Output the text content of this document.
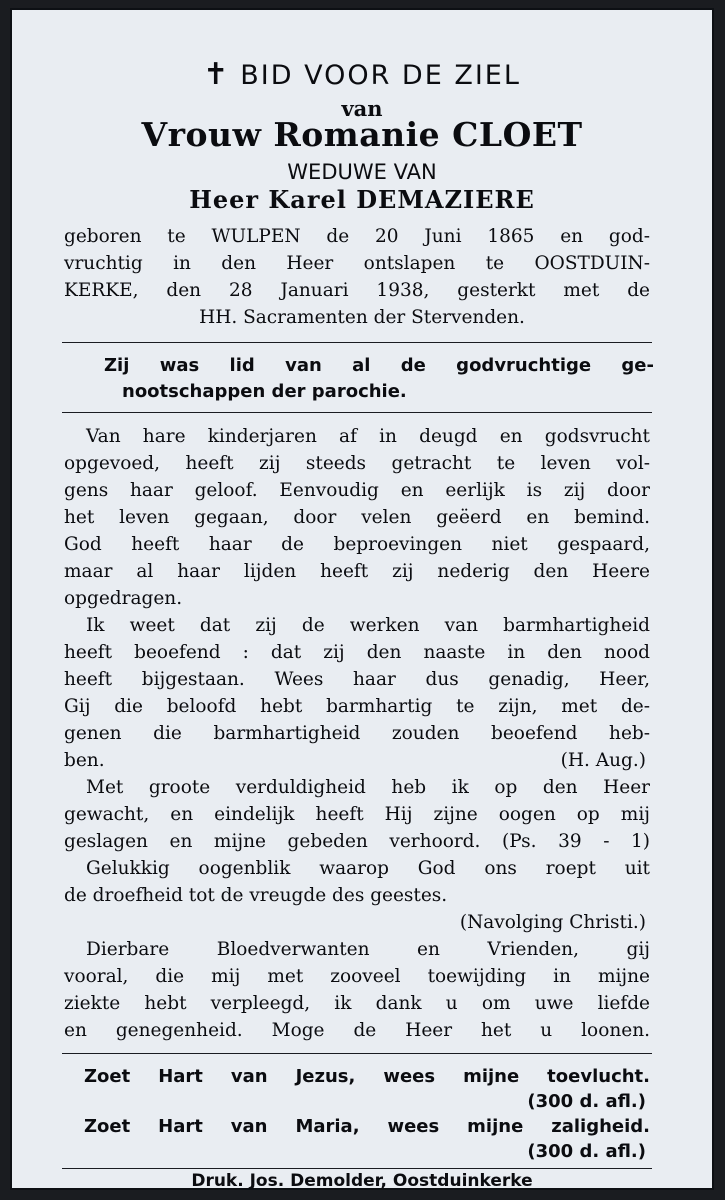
✝ BID VOOR DE ZIEL
van
Vrouw Romanie CLOET
WEDUWE VAN
Heer Karel DEMAZIERE
geboren te WULPEN de 20 Juni 1865 en god-
vruchtig in den Heer ontslapen te OOSTDUIN-
KERKE, den 28 Januari 1938, gesterkt met de
HH. Sacramenten der Stervenden.
Zij was lid van al de godvruchtige ge-
nootschappen der parochie.
Van hare kinderjaren af in deugd en godsvrucht
opgevoed, heeft zij steeds getracht te leven vol-
gens haar geloof. Eenvoudig en eerlijk is zij door
het leven gegaan, door velen geëerd en bemind.
God heeft haar de beproevingen niet gespaard,
maar al haar lijden heeft zij nederig den Heere
opgedragen.
Ik weet dat zij de werken van barmhartigheid
heeft beoefend : dat zij den naaste in den nood
heeft bijgestaan. Wees haar dus genadig, Heer,
Gij die beloofd hebt barmhartig te zijn, met de-
genen die barmhartigheid zouden beoefend heb-
ben.	(H. Aug.)
Met groote verduldigheid heb ik op den Heer
gewacht, en eindelijk heeft Hij zijne oogen op mij
geslagen en mijne gebeden verhoord. (Ps. 39 - 1)
Gelukkig oogenblik waarop God ons roept uit
de droefheid tot de vreugde des geestes.
(Navolging Christi.)
Dierbare Bloedverwanten en Vrienden, gij
vooral, die mij met zooveel toewijding in mijne
ziekte hebt verpleegd, ik dank u om uwe liefde
en genegenheid. Moge de Heer het u loonen.
Zoet Hart van Jezus, wees mijne toevlucht.
(300 d. afl.)
Zoet Hart van Maria, wees mijne zaligheid.
(300 d. afl.)
Druk. Jos. Demolder, Oostduinkerke
